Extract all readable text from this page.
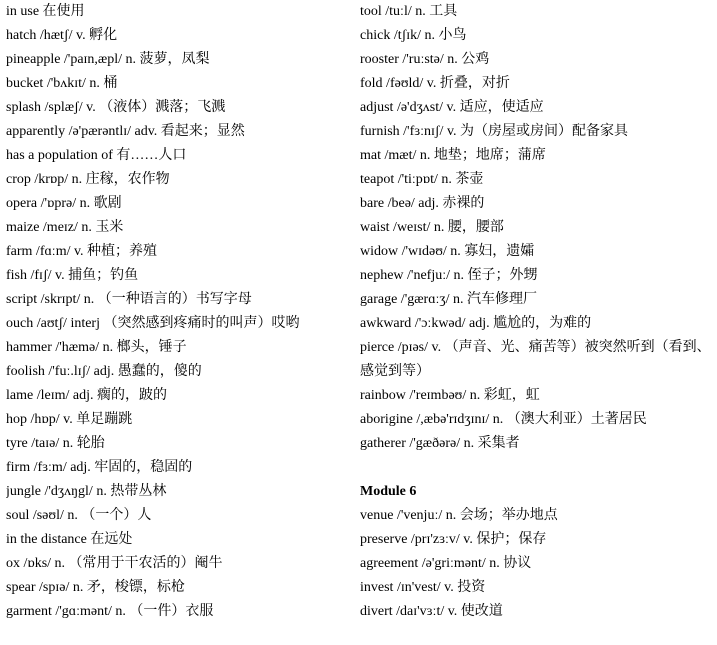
in use 在使用
hatch /hætʃ/ v. 孵化
pineapple /'paɪn,æpl/ n. 菠萝，凤梨
bucket /'bʌkɪt/ n. 桶
splash /splæʃ/ v. （液体）溅落；飞溅
apparently /ə'pærəntlɪ/ adv. 看起来；显然
has a population of 有……人口
crop /krɒp/ n. 庄稼，农作物
opera /'ɒprə/ n. 歌剧
maize /meɪz/ n. 玉米
farm /fɑːm/ v. 种植；养殖
fish /fɪʃ/ v. 捕鱼；钓鱼
script /skrɪpt/ n. （一种语言的）书写字母
ouch /aʊtʃ/ interj （突然感到疼痛时的叫声）哎哟
hammer /'hæmə/ n. 榔头，锤子
foolish /'fuː.lɪʃ/ adj. 愚蠢的，傻的
lame /leɪm/ adj. 瘸的，跛的
hop /hɒp/ v. 单足蹦跳
tyre /taɪə/ n. 轮胎
firm /fɜːm/ adj. 牢固的，稳固的
jungle /'dʒʌŋgl/ n. 热带丛林
soul /səʊl/ n. （一个）人
in the distance 在远处
ox /ɒks/ n. （常用于干农活的）阉牛
spear /spɪə/ n. 矛，梭镖，标枪
garment /'gɑːmənt/ n. （一件）衣服
tool /tuːl/ n. 工具
chick /tʃɪk/ n. 小鸟
rooster /'ruːstə/ n. 公鸡
fold /fəʊld/ v. 折叠，对折
adjust /ə'dʒʌst/ v. 适应，使适应
furnish /'fɜːnɪʃ/ v. 为（房屋或房间）配备家具
mat /mæt/ n. 地垫；地席；蒲席
teapot /'tiːpɒt/ n. 茶壶
bare /beə/ adj. 赤裸的
waist /weɪst/ n. 腰，腰部
widow /'wɪdəʊ/ n. 寡妇，遗孀
nephew /'nefjuː/ n. 侄子；外甥
garage /'gærɑːʒ/ n. 汽车修理厂
awkward /'ɔːkwəd/ adj. 尴尬的，为难的
pierce /pɪəs/ v. （声音、光、痛苦等）被突然听到（看到、感觉到等）
rainbow /'reɪmbəʊ/ n. 彩虹，虹
aborigine /,æbə'rɪdʒɪnɪ/ n. （澳大利亚）土著居民
gatherer /'gæðərə/ n. 采集者
Module 6
venue /'venjuː/ n. 会场；举办地点
preserve /prɪ'zɜːv/ v. 保护；保存
agreement /ə'griːmənt/ n. 协议
invest /ɪn'vest/ v. 投资
divert /daɪ'vɜːt/ v. 使改道
